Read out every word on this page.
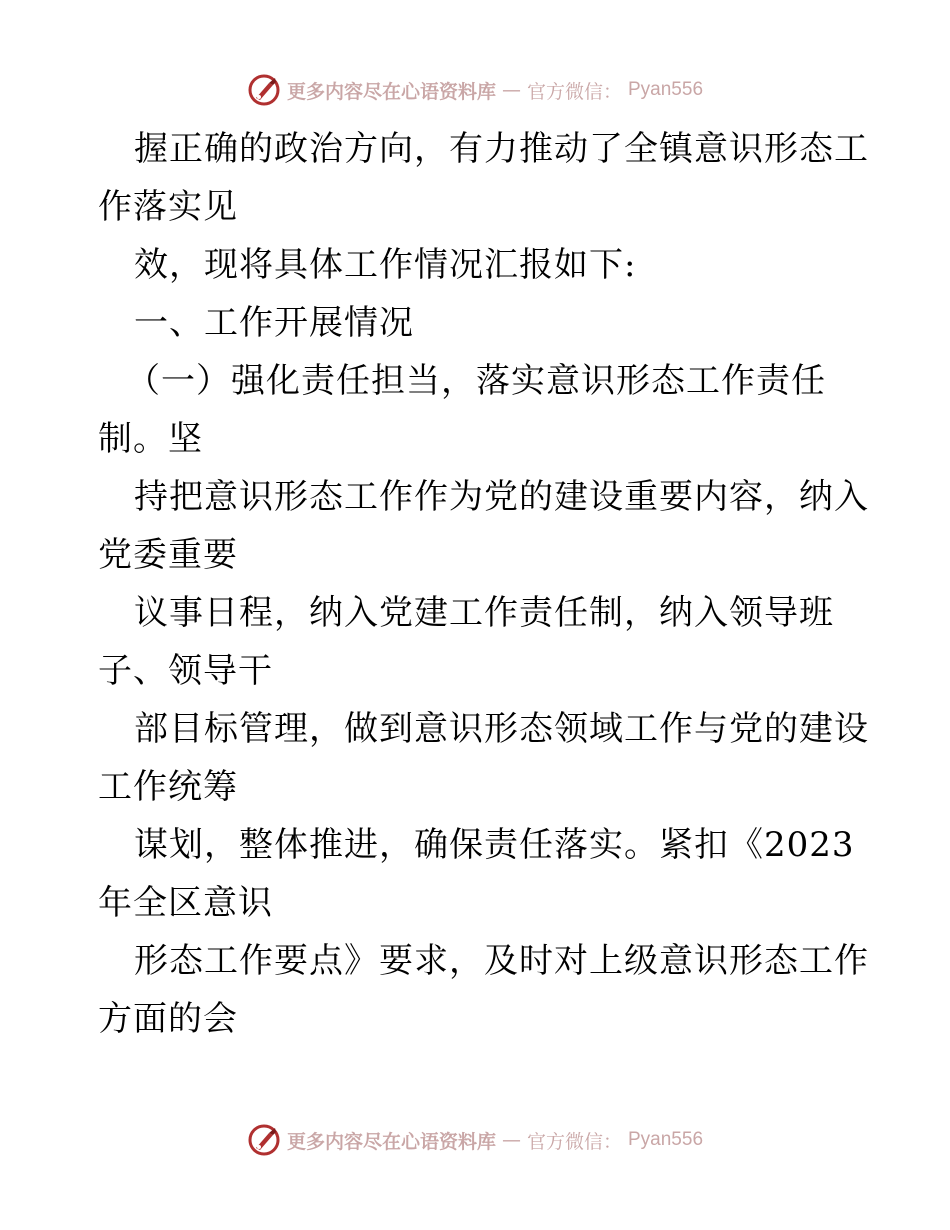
更多内容尽在心语资料库 — 官方微信： Pyan556
握正确的政治方向，有力推动了全镇意识形态工
作落实见
效，现将具体工作情况汇报如下:
一、工作开展情况
（一）强化责任担当，落实意识形态工作责任
制。坚
持把意识形态工作作为党的建设重要内容，纳入
党委重要
议事日程，纳入党建工作责任制，纳入领导班
子、领导干
部目标管理，做到意识形态领域工作与党的建设
工作统筹
谋划，整体推进，确保责任落实。紧扣《2023
年全区意识
形态工作要点》要求，及时对上级意识形态工作
方面的会
更多内容尽在心语资料库 — 官方微信： Pyan556
